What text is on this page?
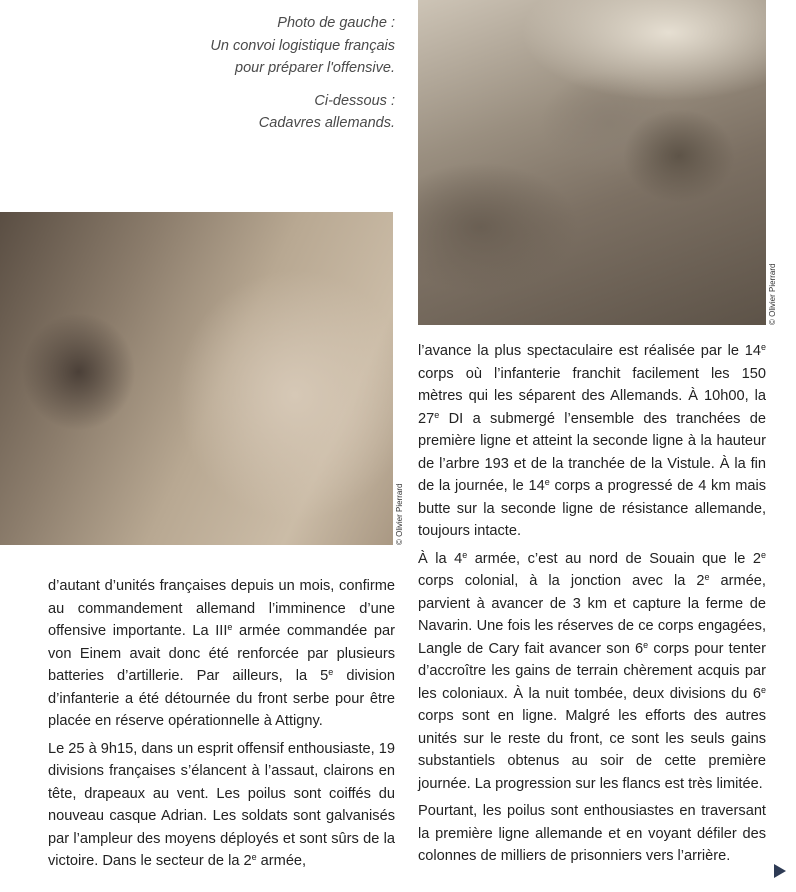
Photo de gauche :
Un convoi logistique français
pour préparer l'offensive.

Ci-dessous :
Cadavres allemands.

© Olivier Pierrard
© Olivier Pierrard

l’avance la plus spectaculaire est réalisée par le 14e corps où l’infanterie franchit facilement les 150 mètres qui les séparent des Allemands. À 10h00, la 27e DI a submergé l’ensemble des tranchées de première ligne et atteint la seconde ligne à la hauteur de l’arbre 193 et de la tranchée de la Vistule. À la fin de la journée, le 14e corps a progressé de 4 km mais butte sur la seconde ligne de résistance allemande, toujours intacte.

À la 4e armée, c’est au nord de Souain que le 2e corps colonial, à la jonction avec la 2e armée, parvient à avancer de 3 km et capture la ferme de Navarin. Une fois les réserves de ce corps engagées, Langle de Cary fait avancer son 6e corps pour tenter d’accroître les gains de terrain chèrement acquis par les coloniaux. À la nuit tombée, deux divisions du 6e corps sont en ligne. Malgré les efforts des autres unités sur le reste du front, ce sont les seuls gains substantiels obtenus au soir de cette première journée. La progression sur les flancs est très limitée.

Pourtant, les poilus sont enthousiastes en traversant la première ligne allemande et en voyant défiler des colonnes de milliers de prisonniers vers l’arrière.

d’autant d’unités françaises depuis un mois, confirme au commandement allemand l’imminence d’une offensive importante. La IIIe armée commandée par von Einem avait donc été renforcée par plusieurs batteries d’artillerie. Par ailleurs, la 5e division d’infanterie a été détournée du front serbe pour être placée en réserve opérationnelle à Attigny.

Le 25 à 9h15, dans un esprit offensif enthousiaste, 19 divisions françaises s’élancent à l’assaut, clairons en tête, drapeaux au vent. Les poilus sont coiffés du nouveau casque Adrian. Les soldats sont galvanisés par l’ampleur des moyens déployés et sont sûrs de la victoire. Dans le secteur de la 2e armée,
